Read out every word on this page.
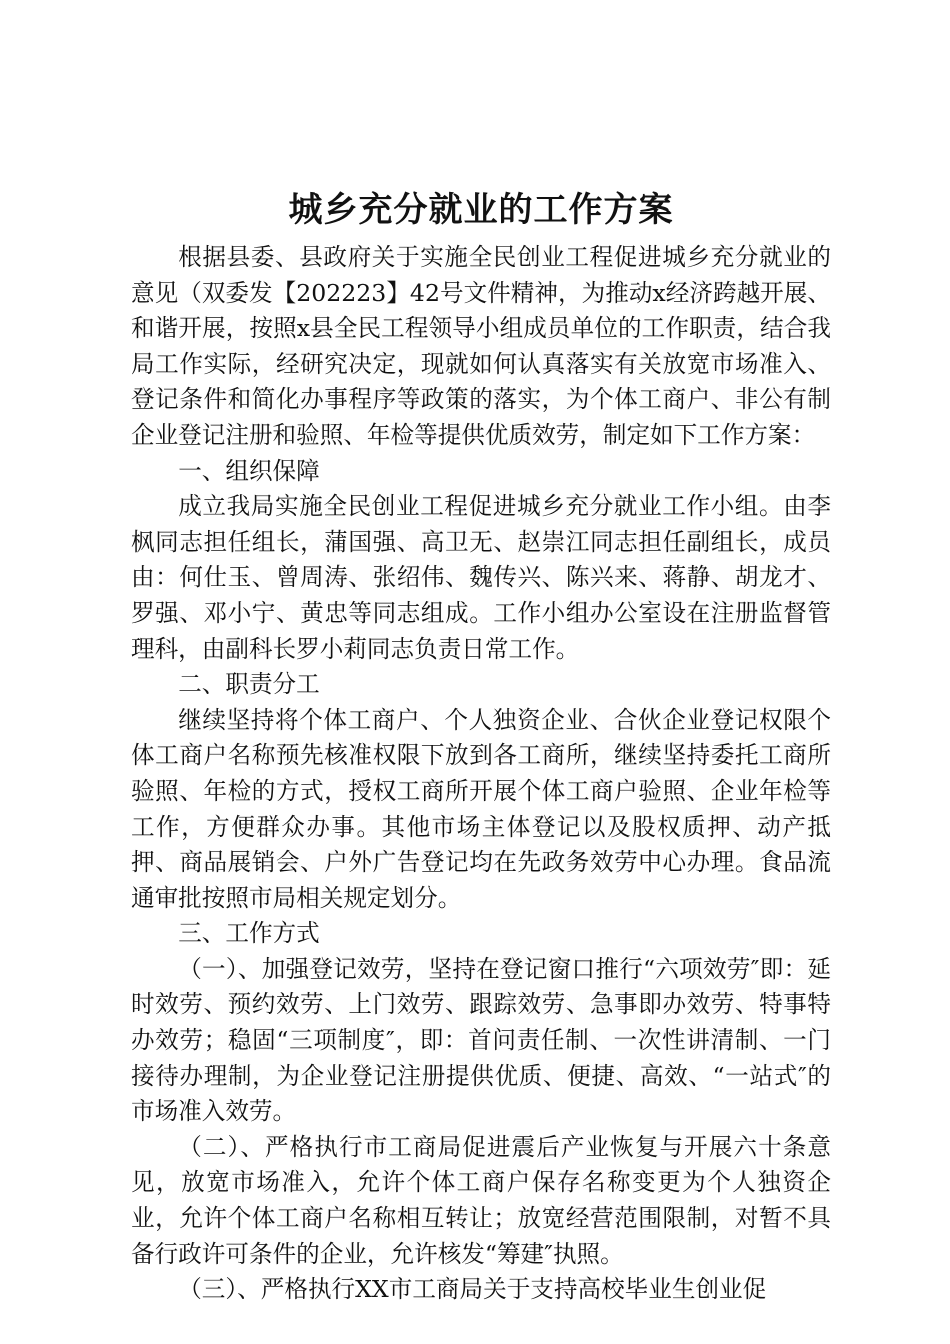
城乡充分就业的工作方案

根据县委、县政府关于实施全民创业工程促进城乡充分就业的意见（双委发【202223】42号文件精神，为推动x经济跨越开展、和谐开展，按照x县全民工程领导小组成员单位的工作职责，结合我局工作实际，经研究决定，现就如何认真落实有关放宽市场准入、登记条件和简化办事程序等政策的落实，为个体工商户、非公有制企业登记注册和验照、年检等提供优质效劳，制定如下工作方案：

一、组织保障

成立我局实施全民创业工程促进城乡充分就业工作小组。由李枫同志担任组长，蒲国强、高卫无、赵崇江同志担任副组长，成员由：何仕玉、曾周涛、张绍伟、魏传兴、陈兴来、蒋静、胡龙才、罗强、邓小宁、黄忠等同志组成。工作小组办公室设在注册监督管理科，由副科长罗小莉同志负责日常工作。

二、职责分工

继续坚持将个体工商户、个人独资企业、合伙企业登记权限个体工商户名称预先核准权限下放到各工商所，继续坚持委托工商所验照、年检的方式，授权工商所开展个体工商户验照、企业年检等工作，方便群众办事。其他市场主体登记以及股权质押、动产抵押、商品展销会、户外广告登记均在先政务效劳中心办理。食品流通审批按照市局相关规定划分。

三、工作方式

（一）、加强登记效劳，坚持在登记窗口推行“六项效劳″即：延时效劳、预约效劳、上门效劳、跟踪效劳、急事即办效劳、特事特办效劳；稳固“三项制度″，即：首问责任制、一次性讲清制、一门接待办理制，为企业登记注册提供优质、便捷、高效、“一站式″的市场准入效劳。

（二）、严格执行市工商局促进震后产业恢复与开展六十条意见，放宽市场准入，允许个体工商户保存名称变更为个人独资企业，允许个体工商户名称相互转让；放宽经营范围限制，对暂不具备行政许可条件的企业，允许核发“筹建″执照。

（三）、严格执行XX市工商局关于支持高校毕业生创业促
